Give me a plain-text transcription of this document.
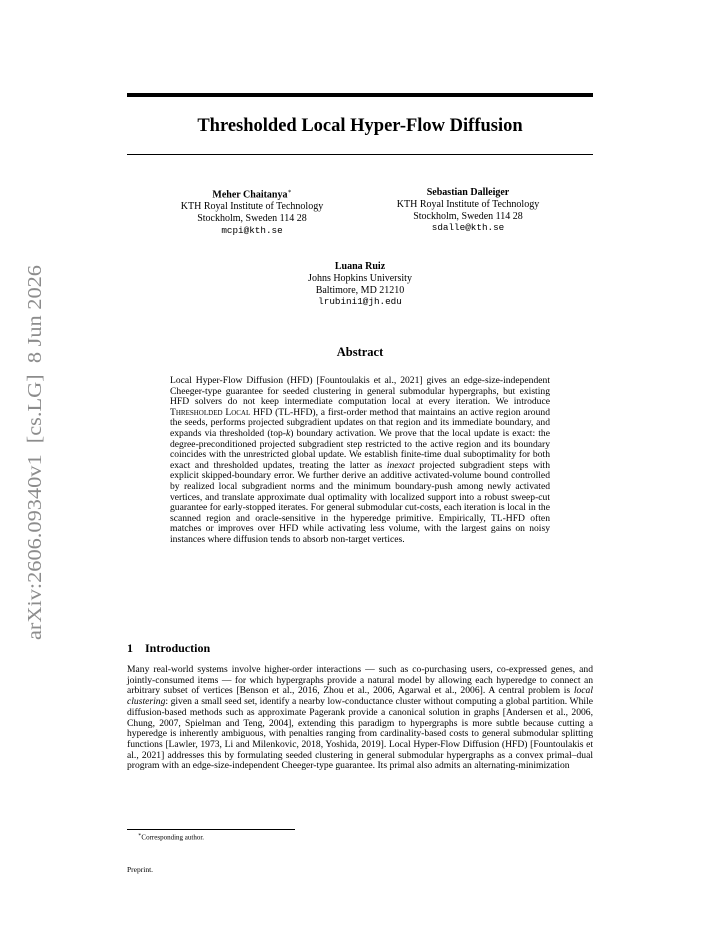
arXiv:2606.09340v1  [cs.LG]  8 Jun 2026
Thresholded Local Hyper-Flow Diffusion
Meher Chaitanya∗
KTH Royal Institute of Technology
Stockholm, Sweden 114 28
mcpi@kth.se
Sebastian Dalleiger
KTH Royal Institute of Technology
Stockholm, Sweden 114 28
sdalle@kth.se
Luana Ruiz
Johns Hopkins University
Baltimore, MD 21210
lrubini1@jh.edu
Abstract
Local Hyper-Flow Diffusion (HFD) [Fountoulakis et al., 2021] gives an edge-size-independent Cheeger-type guarantee for seeded clustering in general submodular hypergraphs, but existing HFD solvers do not keep intermediate computation local at every iteration. We introduce Thresholded Local HFD (TL-HFD), a first-order method that maintains an active region around the seeds, performs projected subgradient updates on that region and its immediate boundary, and expands via thresholded (top-k) boundary activation. We prove that the local update is exact: the degree-preconditioned projected subgradient step restricted to the active region and its boundary coincides with the unrestricted global update. We establish finite-time dual suboptimality for both exact and thresholded updates, treating the latter as inexact projected subgradient steps with explicit skipped-boundary error. We further derive an additive activated-volume bound controlled by realized local subgradient norms and the minimum boundary-push among newly activated vertices, and translate approximate dual optimality with localized support into a robust sweep-cut guarantee for early-stopped iterates. For general submodular cut-costs, each iteration is local in the scanned region and oracle-sensitive in the hyperedge primitive. Empirically, TL-HFD often matches or improves over HFD while activating less volume, with the largest gains on noisy instances where diffusion tends to absorb non-target vertices.
1 Introduction
Many real-world systems involve higher-order interactions — such as co-purchasing users, co-expressed genes, and jointly-consumed items — for which hypergraphs provide a natural model by allowing each hyperedge to connect an arbitrary subset of vertices [Benson et al., 2016, Zhou et al., 2006, Agarwal et al., 2006]. A central problem is local clustering: given a small seed set, identify a nearby low-conductance cluster without computing a global partition. While diffusion-based methods such as approximate Pagerank provide a canonical solution in graphs [Andersen et al., 2006, Chung, 2007, Spielman and Teng, 2004], extending this paradigm to hypergraphs is more subtle because cutting a hyperedge is inherently ambiguous, with penalties ranging from cardinality-based costs to general submodular splitting functions [Lawler, 1973, Li and Milenkovic, 2018, Yoshida, 2019]. Local Hyper-Flow Diffusion (HFD) [Fountoulakis et al., 2021] addresses this by formulating seeded clustering in general submodular hypergraphs as a convex primal–dual program with an edge-size-independent Cheeger-type guarantee. Its primal also admits an alternating-minimization
∗Corresponding author.
Preprint.
